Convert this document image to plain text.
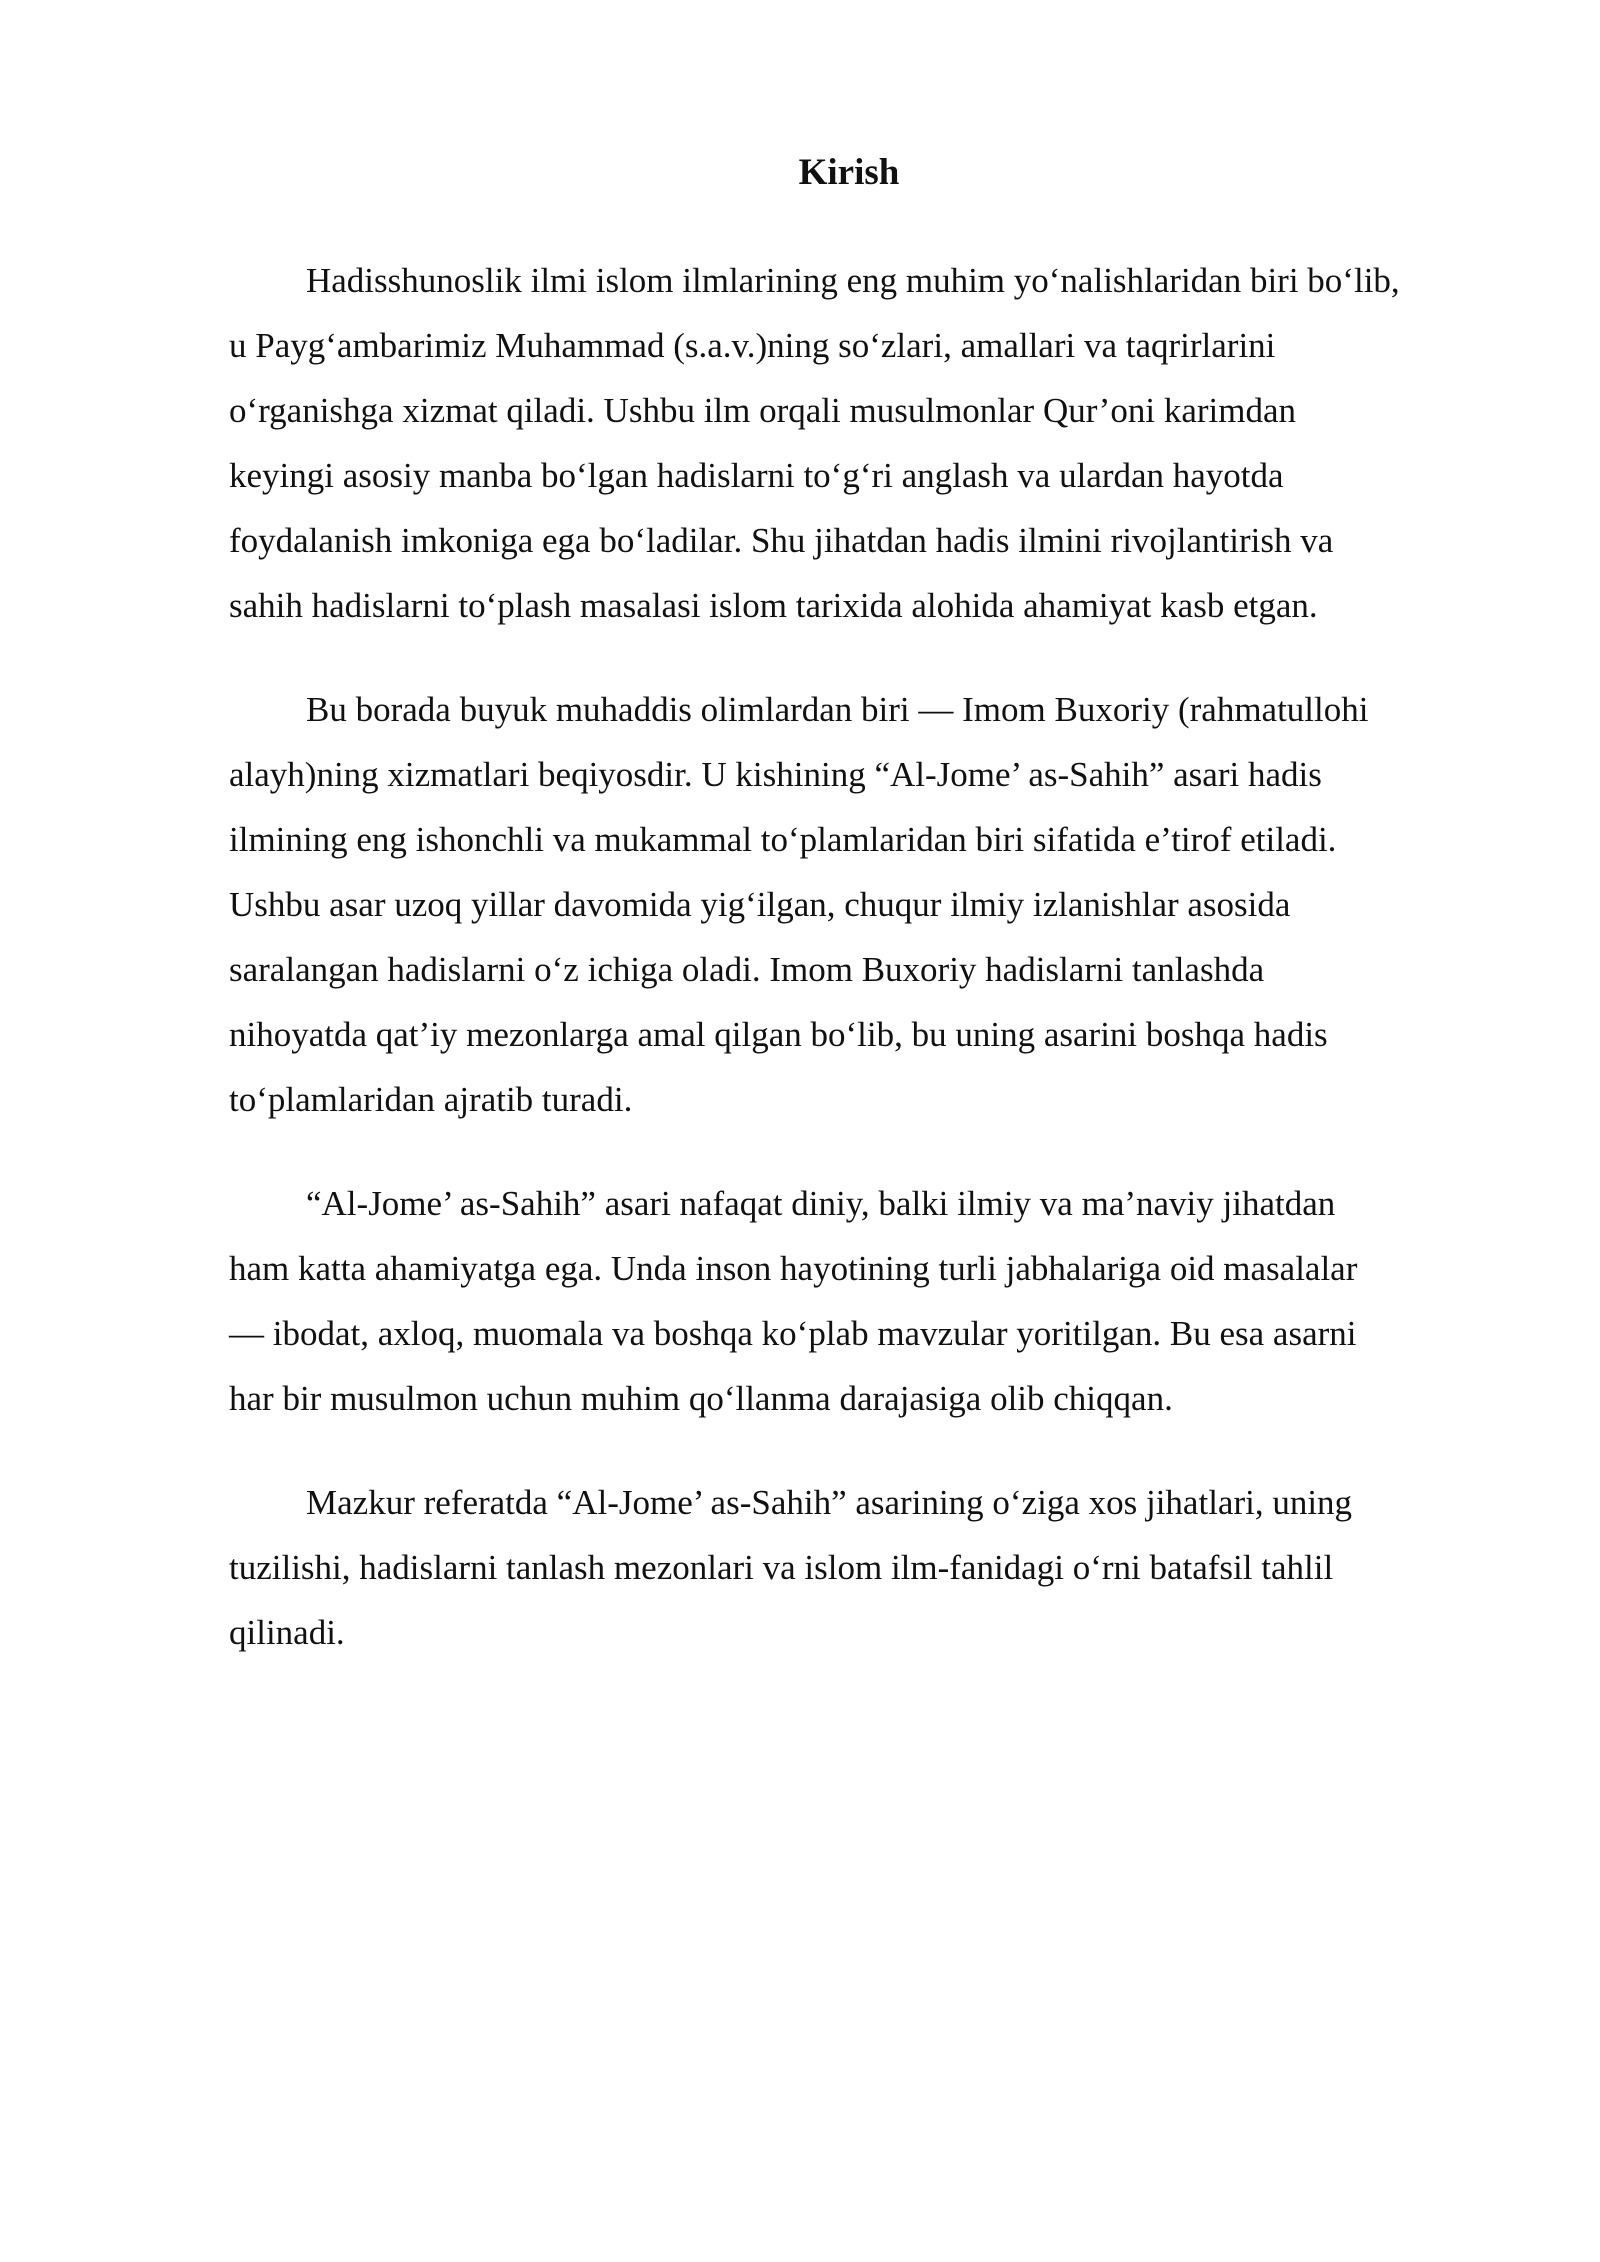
Kirish

Hadisshunoslik ilmi islom ilmlarining eng muhim yo‘nalishlaridan biri bo‘lib,
u Payg‘ambarimiz Muhammad (s.a.v.)ning so‘zlari, amallari va taqrirlarini
o‘rganishga xizmat qiladi. Ushbu ilm orqali musulmonlar Qur’oni karimdan
keyingi asosiy manba bo‘lgan hadislarni to‘g‘ri anglash va ulardan hayotda
foydalanish imkoniga ega bo‘ladilar. Shu jihatdan hadis ilmini rivojlantirish va
sahih hadislarni to‘plash masalasi islom tarixida alohida ahamiyat kasb etgan.

Bu borada buyuk muhaddis olimlardan biri — Imom Buxoriy (rahmatullohi
alayh)ning xizmatlari beqiyosdir. U kishining “Al-Jome’ as-Sahih” asari hadis
ilmining eng ishonchli va mukammal to‘plamlaridan biri sifatida e’tirof etiladi.
Ushbu asar uzoq yillar davomida yig‘ilgan, chuqur ilmiy izlanishlar asosida
saralangan hadislarni o‘z ichiga oladi. Imom Buxoriy hadislarni tanlashda
nihoyatda qat’iy mezonlarga amal qilgan bo‘lib, bu uning asarini boshqa hadis
to‘plamlaridan ajratib turadi.

“Al-Jome’ as-Sahih” asari nafaqat diniy, balki ilmiy va ma’naviy jihatdan
ham katta ahamiyatga ega. Unda inson hayotining turli jabhalariga oid masalalar
— ibodat, axloq, muomala va boshqa ko‘plab mavzular yoritilgan. Bu esa asarni
har bir musulmon uchun muhim qo‘llanma darajasiga olib chiqqan.

Mazkur referatda “Al-Jome’ as-Sahih” asarining o‘ziga xos jihatlari, uning
tuzilishi, hadislarni tanlash mezonlari va islom ilm-fanidagi o‘rni batafsil tahlil
qilinadi.
